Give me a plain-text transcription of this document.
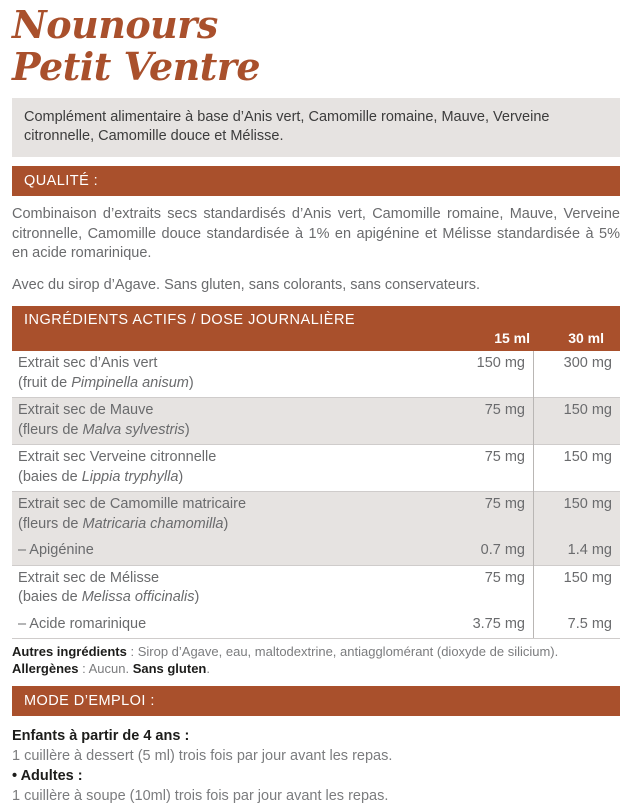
Nounours
Petit Ventre
Complément alimentaire à base d’Anis vert, Camomille romaine, Mauve, Verveine citronnelle, Camomille douce et Mélisse.
QUALITÉ :
Combinaison d’extraits secs standardisés d’Anis vert, Camomille romaine, Mauve, Verveine citronnelle, Camomille douce standardisée à 1% en apigénine et Mélisse standardisée à 5% en acide romarinique.
Avec du sirop d’Agave. Sans gluten, sans colorants, sans conservateurs.
INGRÉDIENTS ACTIFS / DOSE JOURNALIÈRE
15 ml	30 ml
Extrait sec d’Anis vert
(fruit de Pimpinella anisum)	150 mg	300 mg

Extrait sec de Mauve
(fleurs de Malva sylvestris)	75 mg	150 mg

Extrait sec Verveine citronnelle
(baies de Lippia tryphylla)	75 mg	150 mg

Extrait sec de Camomille matricaire
(fleurs de Matricaria chamomilla)	75 mg	150 mg
– Apigénine	0.7 mg	1.4 mg

Extrait sec de Mélisse
(baies de Melissa officinalis)	75 mg	150 mg
– Acide romarinique	3.75 mg	7.5 mg
Autres ingrédients : Sirop d’Agave, eau, maltodextrine, antiagglomérant (dioxyde de silicium).
Allergènes : Aucun. Sans gluten.
MODE D’EMPLOI :
Enfants à partir de 4 ans :
1 cuillère à dessert (5 ml) trois fois par jour avant les repas.
• Adultes :
1 cuillère à soupe (10ml) trois fois par jour avant les repas.
